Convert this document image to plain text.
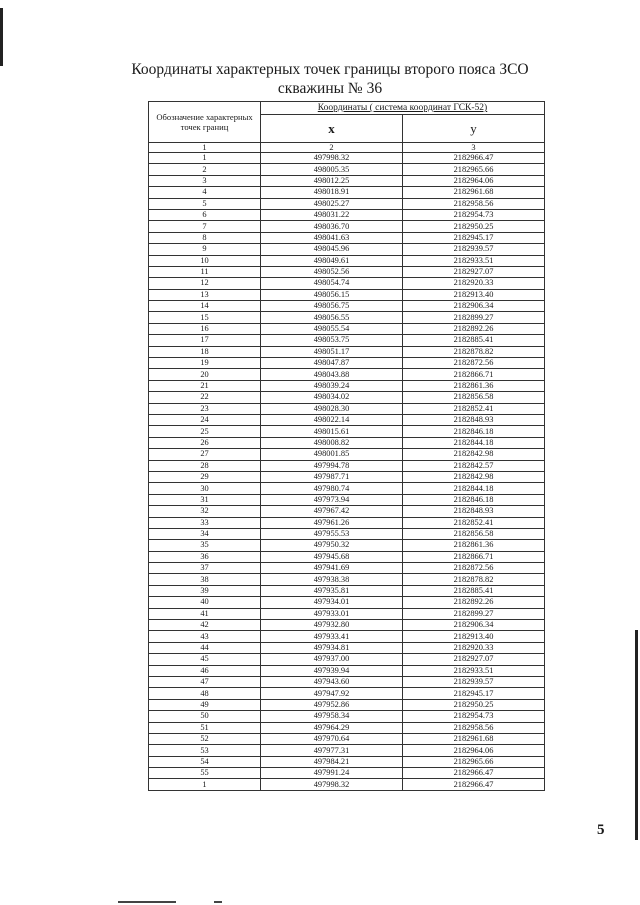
Координаты характерных точек границы второго пояса ЗСО
скважины № 36
Обозначение характерных точек границ	Координаты ( система координат ГСК-52)	
	x	y
1	2	3
1	497998.32	2182966.47
2	498005.35	2182965.66
3	498012.25	2182964.06
4	498018.91	2182961.68
5	498025.27	2182958.56
6	498031.22	2182954.73
7	498036.70	2182950.25
8	498041.63	2182945.17
9	498045.96	2182939.57
10	498049.61	2182933.51
11	498052.56	2182927.07
12	498054.74	2182920.33
13	498056.15	2182913.40
14	498056.75	2182906.34
15	498056.55	2182899.27
16	498055.54	2182892.26
17	498053.75	2182885.41
18	498051.17	2182878.82
19	498047.87	2182872.56
20	498043.88	2182866.71
21	498039.24	2182861.36
22	498034.02	2182856.58
23	498028.30	2182852.41
24	498022.14	2182848.93
25	498015.61	2182846.18
26	498008.82	2182844.18
27	498001.85	2182842.98
28	497994.78	2182842.57
29	497987.71	2182842.98
30	497980.74	2182844.18
31	497973.94	2182846.18
32	497967.42	2182848.93
33	497961.26	2182852.41
34	497955.53	2182856.58
35	497950.32	2182861.36
36	497945.68	2182866.71
37	497941.69	2182872.56
38	497938.38	2182878.82
39	497935.81	2182885.41
40	497934.01	2182892.26
41	497933.01	2182899.27
42	497932.80	2182906.34
43	497933.41	2182913.40
44	497934.81	2182920.33
45	497937.00	2182927.07
46	497939.94	2182933.51
47	497943.60	2182939.57
48	497947.92	2182945.17
49	497952.86	2182950.25
50	497958.34	2182954.73
51	497964.29	2182958.56
52	497970.64	2182961.68
53	497977.31	2182964.06
54	497984.21	2182965.66
55	497991.24	2182966.47
1	497998.32	2182966.47
5
